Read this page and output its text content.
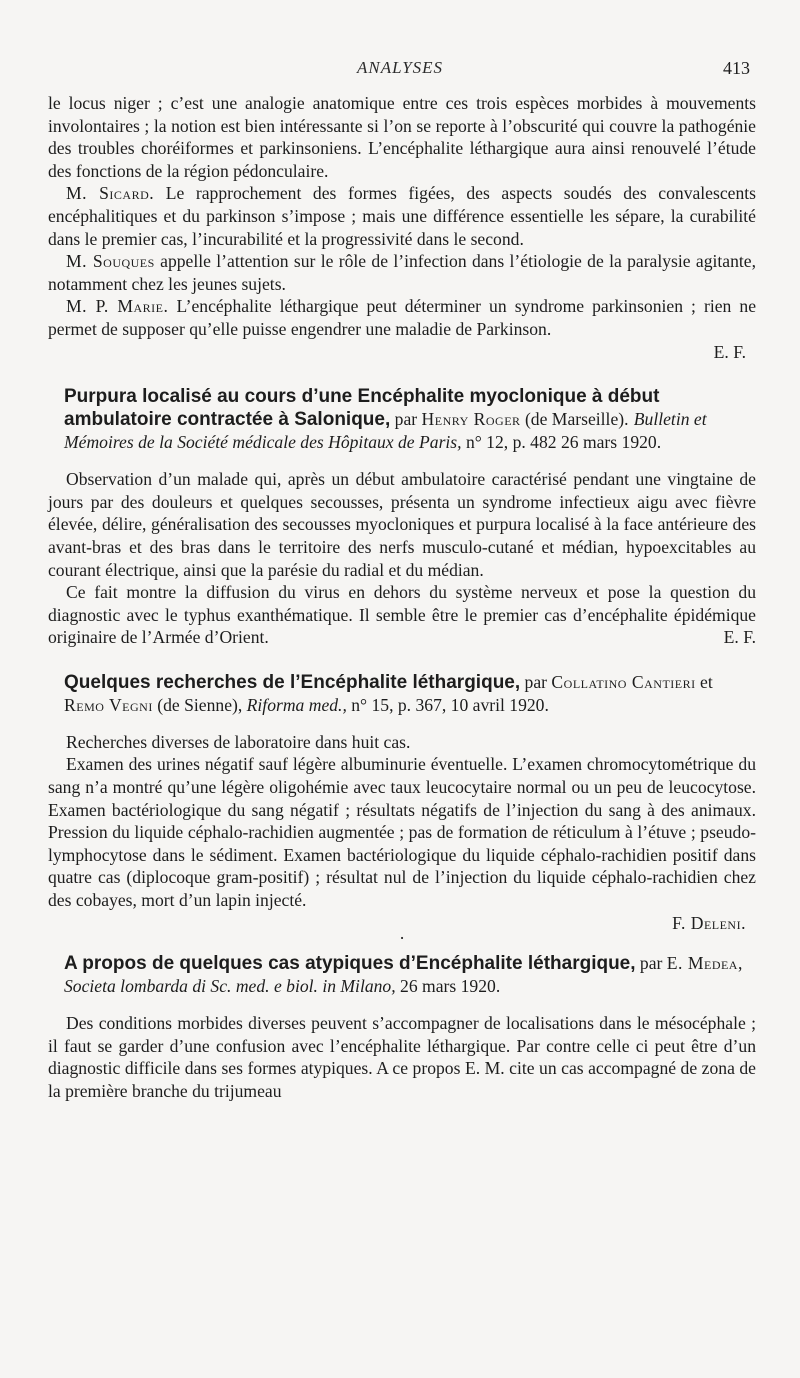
ANALYSES	413

le locus niger ; c’est une analogie anatomique entre ces trois espèces morbides à mouvements involontaires ; la notion est bien intéressante si l’on se reporte à l’obscurité qui couvre la pathogénie des troubles choréiformes et parkinsoniens. L’encéphalite léthargique aura ainsi renouvelé l’étude des fonctions de la région pédonculaire.

M. Sicard. Le rapprochement des formes figées, des aspects soudés des convalescents encéphalitiques et du parkinson s’impose ; mais une différence essentielle les sépare, la curabilité dans le premier cas, l’incurabilité et la progressivité dans le second.

M. Souques appelle l’attention sur le rôle de l’infection dans l’étiologie de la paralysie agitante, notamment chez les jeunes sujets.

M. P. Marie. L’encéphalite léthargique peut déterminer un syndrome parkinsonien ; rien ne permet de supposer qu’elle puisse engendrer une maladie de Parkinson.

E. F.

Purpura localisé au cours d’une Encéphalite myoclonique à début ambulatoire contractée à Salonique, par Henry Roger (de Marseille). Bulletin et Mémoires de la Société médicale des Hôpitaux de Paris, n° 12, p. 482 26 mars 1920.

Observation d’un malade qui, après un début ambulatoire caractérisé pendant une vingtaine de jours par des douleurs et quelques secousses, présenta un syndrome infectieux aigu avec fièvre élevée, délire, généralisation des secousses myocloniques et purpura localisé à la face antérieure des avant-bras et des bras dans le territoire des nerfs musculo-cutané et médian, hypoexcitables au courant électrique, ainsi que la parésie du radial et du médian.

Ce fait montre la diffusion du virus en dehors du système nerveux et pose la question du diagnostic avec le typhus exanthématique. Il semble être le premier cas d’encéphalite épidémique originaire de l’Armée d’Orient.	E. F.

Quelques recherches de l’Encéphalite léthargique, par Collatino Cantieri et Remo Vegni (de Sienne), Riforma med., n° 15, p. 367, 10 avril 1920.

Recherches diverses de laboratoire dans huit cas.

Examen des urines négatif sauf légère albuminurie éventuelle. L’examen chromocytométrique du sang n’a montré qu’une légère oligohémie avec taux leucocytaire normal ou un peu de leucocytose. Examen bactériologique du sang négatif ; résultats négatifs de l’injection du sang à des animaux. Pression du liquide céphalo-rachidien augmentée ; pas de formation de réticulum à l’étuve ; pseudo-lymphocytose dans le sédiment. Examen bactériologique du liquide céphalo-rachidien positif dans quatre cas (diplocoque gram-positif) ; résultat nul de l’injection du liquide céphalo-rachidien chez des cobayes, mort d’un lapin injecté.

F. Deleni.

·
A propos de quelques cas atypiques d’Encéphalite léthargique, par E. Medea, Societa lombarda di Sc. med. e biol. in Milano, 26 mars 1920.

Des conditions morbides diverses peuvent s’accompagner de localisations dans le mésocéphale ; il faut se garder d’une confusion avec l’encéphalite léthargique. Par contre celle ci peut être d’un diagnostic difficile dans ses formes atypiques. A ce propos E. M. cite un cas accompagné de zona de la première branche du trijumeau
